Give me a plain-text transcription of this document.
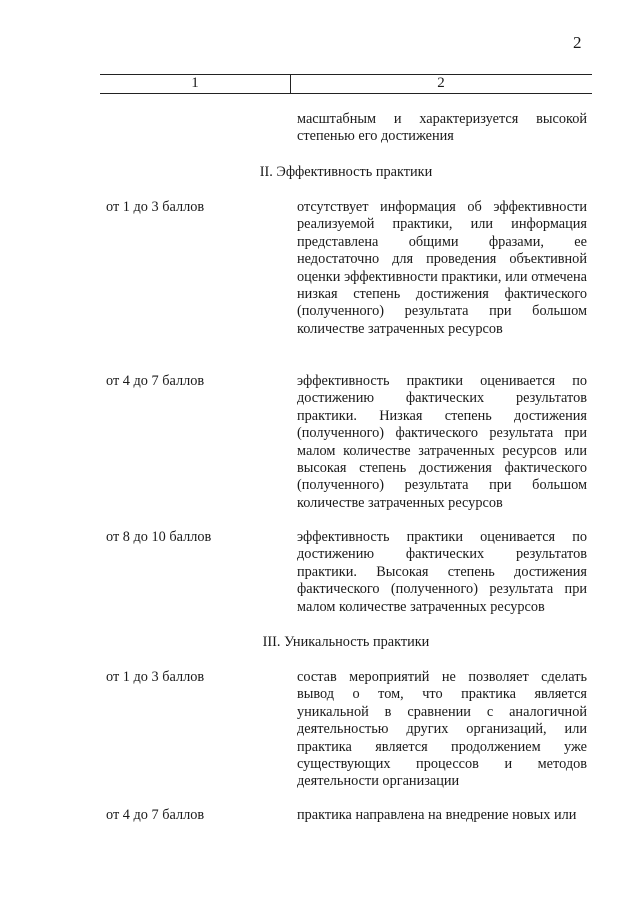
2
1	2

масштабным и характеризуется высокой степенью его достижения

II. Эффективность практики

от 1 до 3 баллов	отсутствует информация об эффективности реализуемой практики, или информация представлена общими фразами, ее недостаточно для проведения объективной оценки эффективности практики, или отмечена низкая степень достижения фактического (полученного) результата при большом количестве затраченных ресурсов

от 4 до 7 баллов	эффективность практики оценивается по достижению фактических результатов практики. Низкая степень достижения (полученного) фактического результата при малом количестве затраченных ресурсов или высокая степень достижения фактического (полученного) результата при большом количестве затраченных ресурсов

от 8 до 10 баллов	эффективность практики оценивается по достижению фактических результатов практики. Высокая степень достижения фактического (полученного) результата при малом количестве затраченных ресурсов

III. Уникальность практики

от 1 до 3 баллов	состав мероприятий не позволяет сделать вывод о том, что практика является уникальной в сравнении с аналогичной деятельностью других организаций, или практика является продолжением уже существующих процессов и методов деятельности организации

от 4 до 7 баллов	практика направлена на внедрение новых или
